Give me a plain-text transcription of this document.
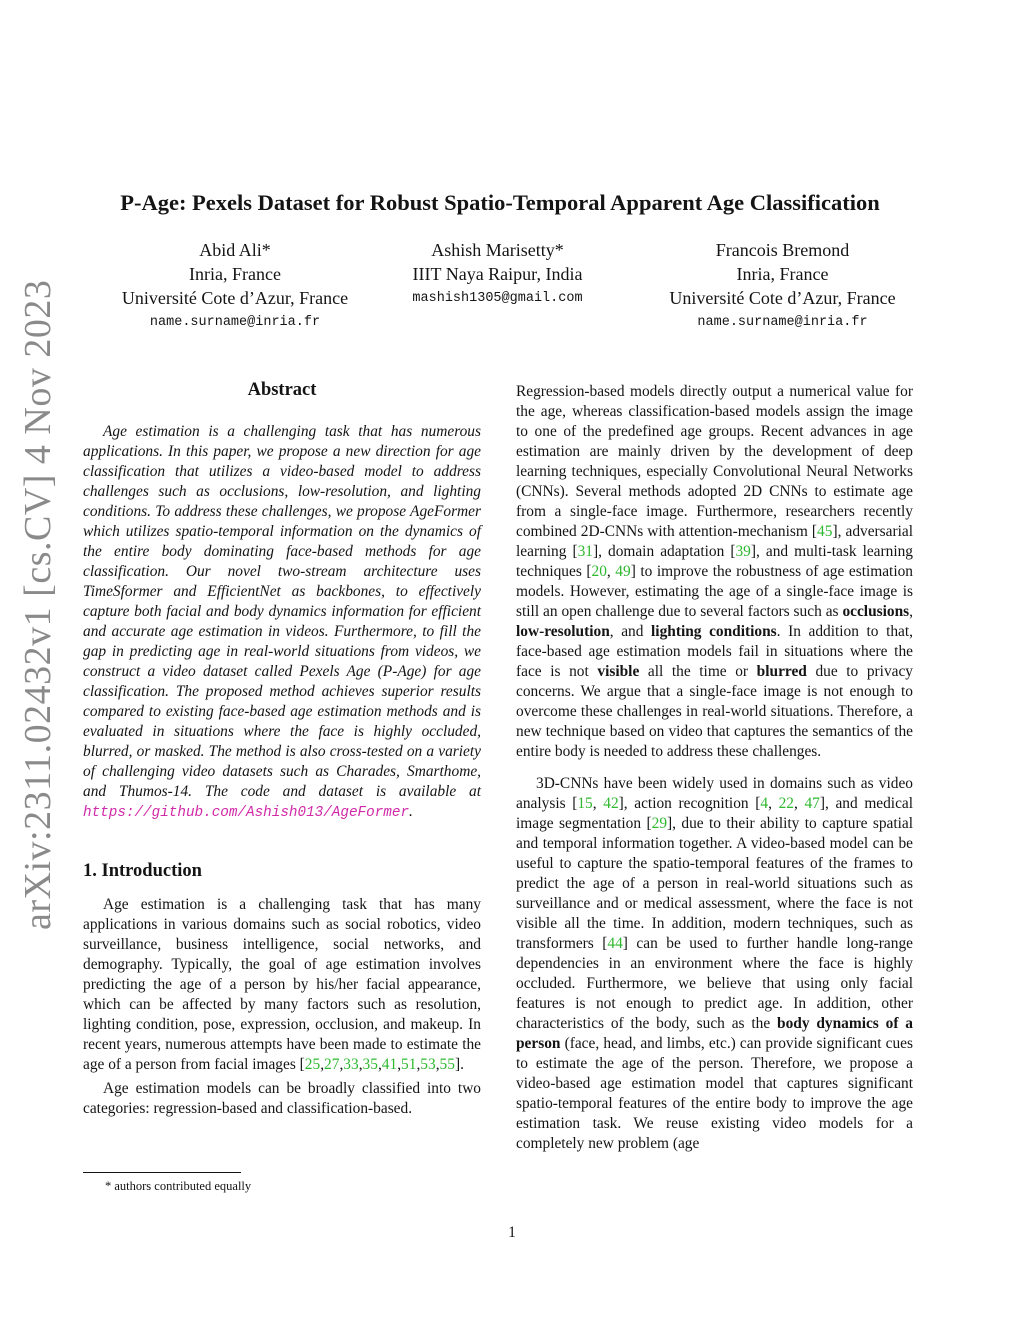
arXiv:2311.02432v1 [cs.CV] 4 Nov 2023
P-Age: Pexels Dataset for Robust Spatio-Temporal Apparent Age Classification
Abid Ali*
Inria, France
Université Cote d’Azur, France
name.surname@inria.fr
Ashish Marisetty*
IIIT Naya Raipur, India
mashish1305@gmail.com
Francois Bremond
Inria, France
Université Cote d’Azur, France
name.surname@inria.fr
Abstract

Age estimation is a challenging task that has numerous applications. In this paper, we propose a new direction for age classification that utilizes a video-based model to address challenges such as occlusions, low-resolution, and lighting conditions. To address these challenges, we propose AgeFormer which utilizes spatio-temporal information on the dynamics of the entire body dominating face-based methods for age classification. Our novel two-stream architecture uses TimeSformer and EfficientNet as backbones, to effectively capture both facial and body dynamics information for efficient and accurate age estimation in videos. Furthermore, to fill the gap in predicting age in real-world situations from videos, we construct a video dataset called Pexels Age (P-Age) for age classification. The proposed method achieves superior results compared to existing face-based age estimation methods and is evaluated in situations where the face is highly occluded, blurred, or masked. The method is also cross-tested on a variety of challenging video datasets such as Charades, Smarthome, and Thumos-14. The code and dataset is available at https://github.com/Ashish013/AgeFormer.

1. Introduction

Age estimation is a challenging task that has many applications in various domains such as social robotics, video surveillance, business intelligence, social networks, and demography. Typically, the goal of age estimation involves predicting the age of a person by his/her facial appearance, which can be affected by many factors such as resolution, lighting condition, pose, expression, occlusion, and makeup. In recent years, numerous attempts have been made to estimate the age of a person from facial images [25,27,33,35,41,51,53,55].

Age estimation models can be broadly classified into two categories: regression-based and classification-based.

Regression-based models directly output a numerical value for the age, whereas classification-based models assign the image to one of the predefined age groups. Recent advances in age estimation are mainly driven by the development of deep learning techniques, especially Convolutional Neural Networks (CNNs). Several methods adopted 2D CNNs to estimate age from a single-face image. Furthermore, researchers recently combined 2D-CNNs with attention-mechanism [45], adversarial learning [31], domain adaptation [39], and multi-task learning techniques [20, 49] to improve the robustness of age estimation models. However, estimating the age of a single-face image is still an open challenge due to several factors such as occlusions, low-resolution, and lighting conditions. In addition to that, face-based age estimation models fail in situations where the face is not visible all the time or blurred due to privacy concerns. We argue that a single-face image is not enough to overcome these challenges in real-world situations. Therefore, a new technique based on video that captures the semantics of the entire body is needed to address these challenges.

3D-CNNs have been widely used in domains such as video analysis [15, 42], action recognition [4, 22, 47], and medical image segmentation [29], due to their ability to capture spatial and temporal information together. A video-based model can be useful to capture the spatio-temporal features of the frames to predict the age of a person in real-world situations such as surveillance and or medical assessment, where the face is not visible all the time. In addition, modern techniques, such as transformers [44] can be used to further handle long-range dependencies in an environment where the face is highly occluded. Furthermore, we believe that using only facial features is not enough to predict age. In addition, other characteristics of the body, such as the body dynamics of a person (face, head, and limbs, etc.) can provide significant cues to estimate the age of the person. Therefore, we propose a video-based age estimation model that captures significant spatio-temporal features of the entire body to improve the age estimation task. We reuse existing video models for a completely new problem (age

* authors contributed equally
1
